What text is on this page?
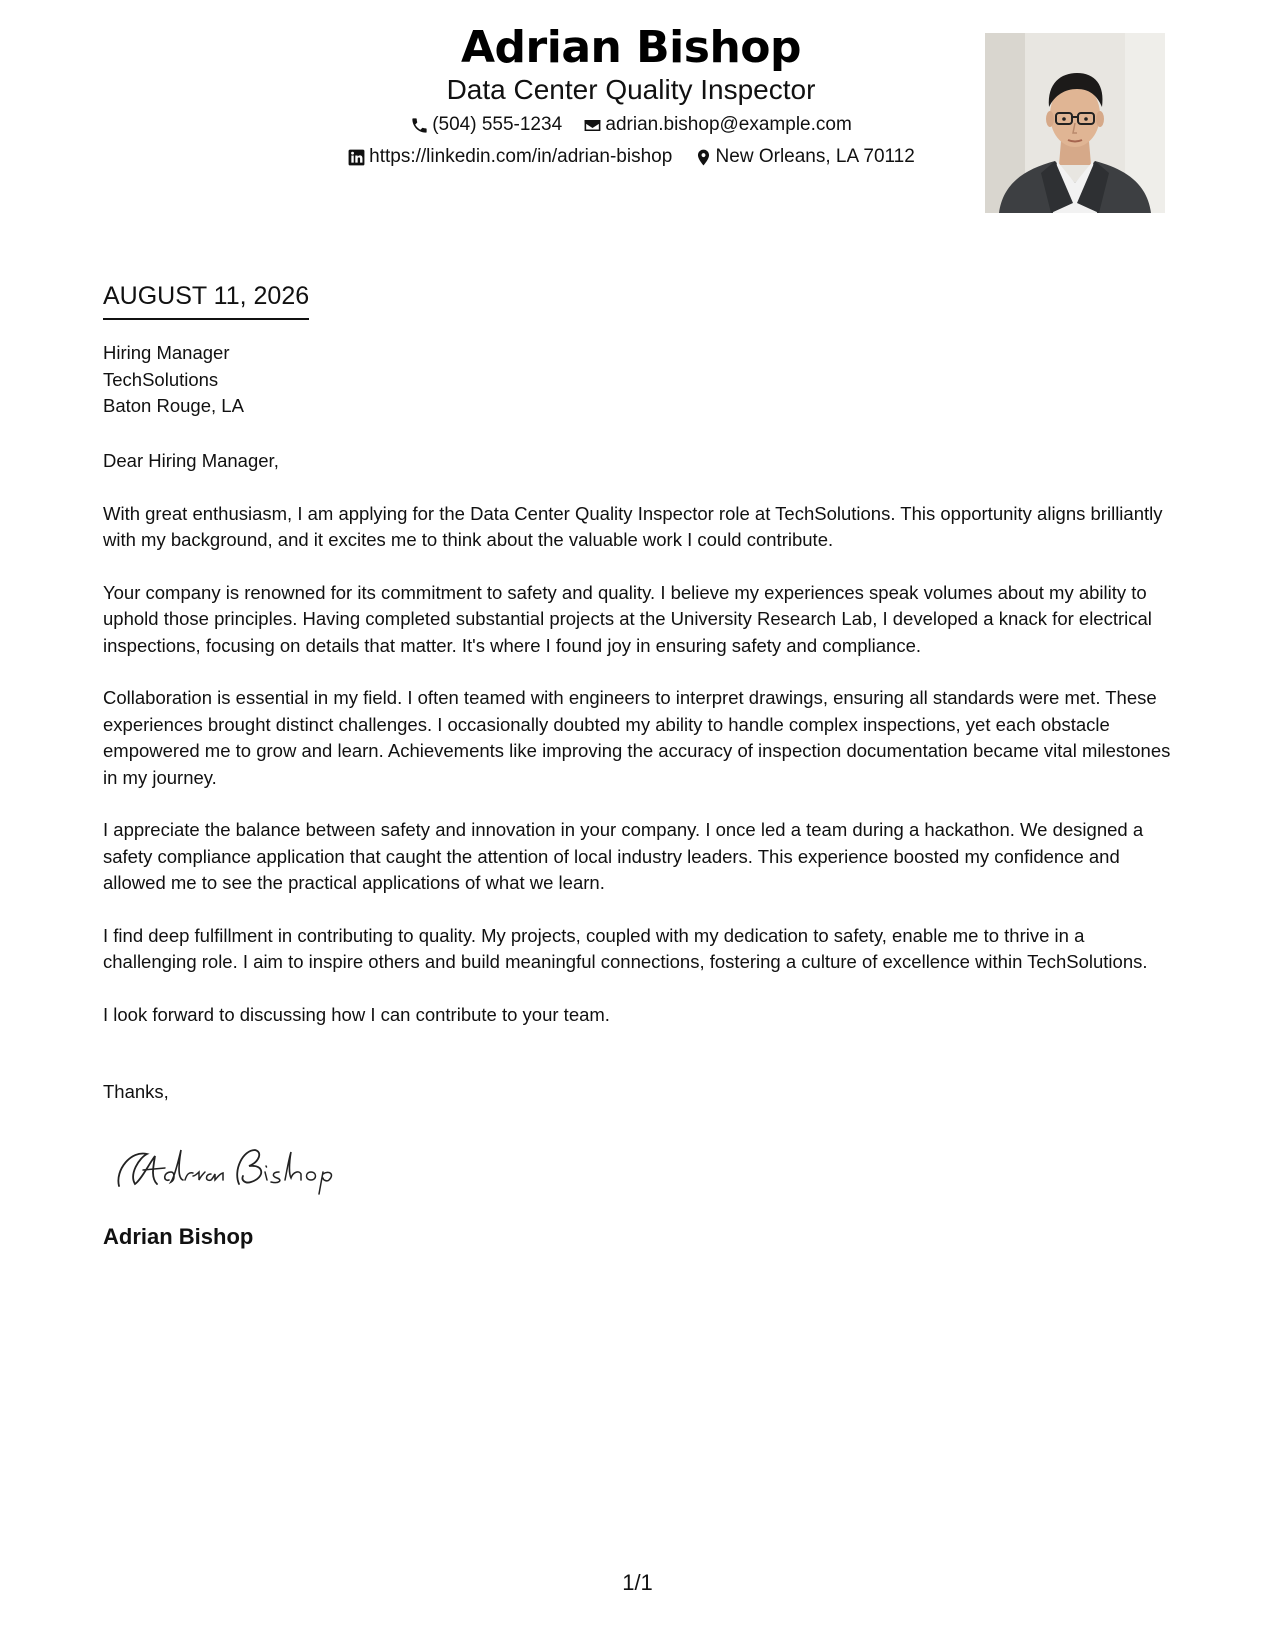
Adrian Bishop
Data Center Quality Inspector
(504) 555-1234
adrian.bishop@example.com
https://linkedin.com/in/adrian-bishop
New Orleans, LA 70112
AUGUST 11, 2026
Hiring Manager
TechSolutions
Baton Rouge, LA

Dear Hiring Manager,

With great enthusiasm, I am applying for the Data Center Quality Inspector role at TechSolutions. This opportunity aligns brilliantly with my background, and it excites me to think about the valuable work I could contribute.

Your company is renowned for its commitment to safety and quality. I believe my experiences speak volumes about my ability to uphold those principles. Having completed substantial projects at the University Research Lab, I developed a knack for electrical inspections, focusing on details that matter. It's where I found joy in ensuring safety and compliance.

Collaboration is essential in my field. I often teamed with engineers to interpret drawings, ensuring all standards were met. These experiences brought distinct challenges. I occasionally doubted my ability to handle complex inspections, yet each obstacle empowered me to grow and learn. Achievements like improving the accuracy of inspection documentation became vital milestones in my journey.

I appreciate the balance between safety and innovation in your company. I once led a team during a hackathon. We designed a safety compliance application that caught the attention of local industry leaders. This experience boosted my confidence and allowed me to see the practical applications of what we learn.

I find deep fulfillment in contributing to quality. My projects, coupled with my dedication to safety, enable me to thrive in a challenging role. I aim to inspire others and build meaningful connections, fostering a culture of excellence within TechSolutions.

I look forward to discussing how I can contribute to your team.

Thanks,
Adrian Bishop
1/1
